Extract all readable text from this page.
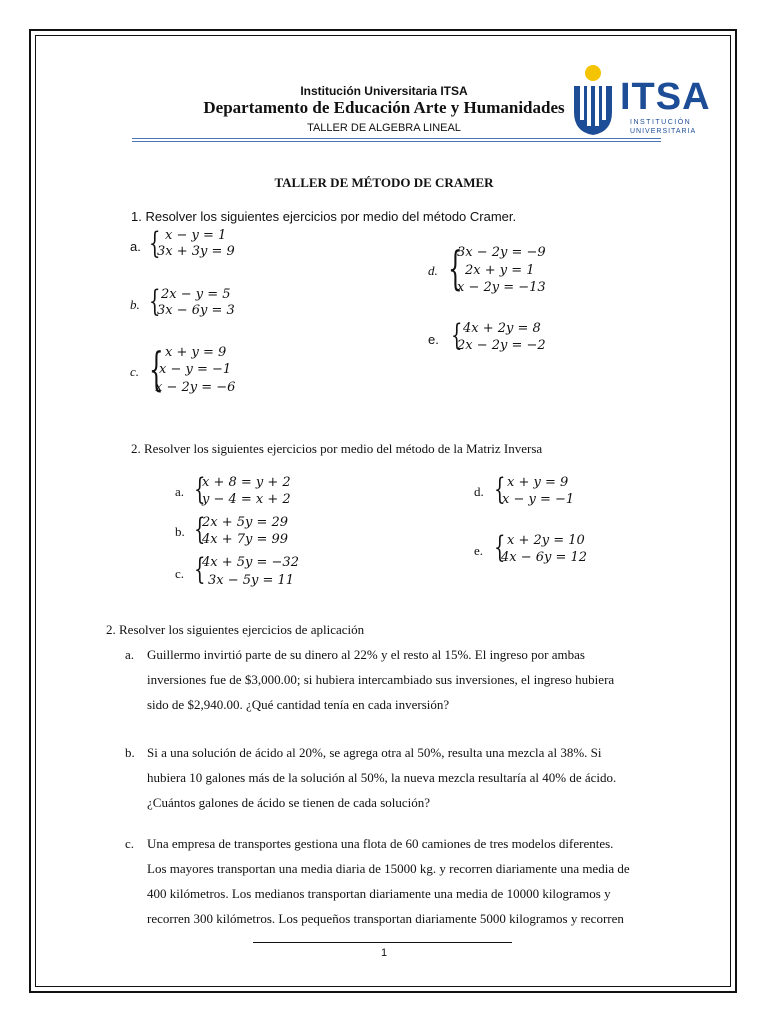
Institución Universitaria ITSA
Departamento de Educación Arte y Humanidades
TALLER DE ALGEBRA LINEAL
ITSA
INSTITUCIÓN
UNIVERSITARIA
TALLER DE MÉTODO DE CRAMER
1. Resolver los siguientes ejercicios por medio del método Cramer.
a. { x − y = 1
3x + 3y = 9
b. { 2x − y = 5
3x − 6y = 3
c. { x + y = 9
x − y = −1
x − 2y = −6
d. {
3x − 2y = −9
2x + y = 1
x − 2y = −13
e. { 4x + 2y = 8
2x − 2y = −2
2. Resolver los siguientes ejercicios por medio del método de la Matriz Inversa
a. {
x + 8 = y + 2
y − 4 = x + 2
b. {
2x + 5y = 29
4x + 7y = 99
c. {
4x + 5y = −32
3x − 5y = 11
d. { x + y = 9
x − y = −1
e. { x + 2y = 10
4x − 6y = 12
2. Resolver los siguientes ejercicios de aplicación
a. Guillermo invirtió parte de su dinero al 22% y el resto al 15%. El ingreso por ambas
inversiones fue de $3,000.00; si hubiera intercambiado sus inversiones, el ingreso hubiera
sido de $2,940.00. ¿Qué cantidad tenía en cada inversión?
b. Si a una solución de ácido al 20%, se agrega otra al 50%, resulta una mezcla al 38%. Si
hubiera 10 galones más de la solución al 50%, la nueva mezcla resultaría al 40% de ácido.
¿Cuántos galones de ácido se tienen de cada solución?
c. Una empresa de transportes gestiona una flota de 60 camiones de tres modelos diferentes.
Los mayores transportan una media diaria de 15000 kg. y recorren diariamente una media de
400 kilómetros. Los medianos transportan diariamente una media de 10000 kilogramos y
recorren 300 kilómetros. Los pequeños transportan diariamente 5000 kilogramos y recorren
1
